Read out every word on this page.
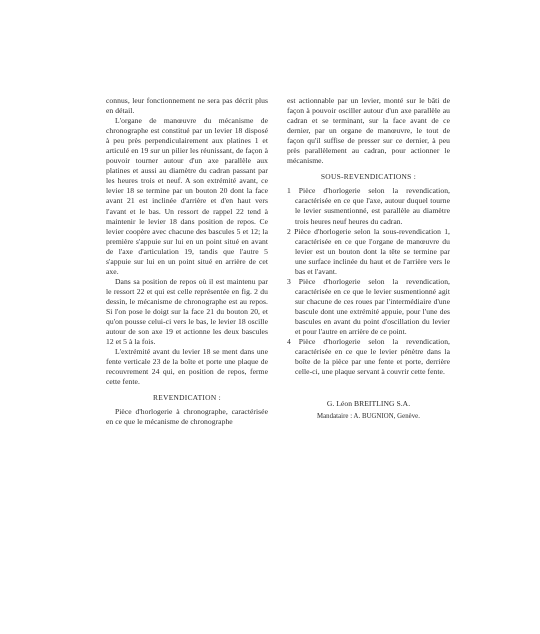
connus, leur fonctionnement ne sera pas décrit plus en détail.

L'organe de manœuvre du mécanisme de chronographe est constitué par un levier 18 disposé à peu près perpendiculairement aux platines 1 et articulé en 19 sur un pilier les réunissant, de façon à pouvoir tourner autour d'un axe parallèle aux platines et aussi au diamètre du cadran passant par les heures trois et neuf. A son extrémité avant, ce levier 18 se termine par un bouton 20 dont la face avant 21 est inclinée d'arrière et d'en haut vers l'avant et le bas. Un ressort de rappel 22 tend à maintenir le levier 18 dans position de repos. Ce levier coopère avec chacune des bascules 5 et 12; la première s'appuie sur lui en un point situé en avant de l'axe d'articulation 19, tandis que l'autre 5 s'appuie sur lui en un point situé en arrière de cet axe.

Dans sa position de repos où il est maintenu par le ressort 22 et qui est celle représentée en fig. 2 du dessin, le mécanisme de chronographe est au repos. Si l'on pose le doigt sur la face 21 du bouton 20, et qu'on pousse celui-ci vers le bas, le levier 18 oscille autour de son axe 19 et actionne les deux bascules 12 et 5 à la fois.

L'extrémité avant du levier 18 se ment dans une fente verticale 23 de la boîte et porte une plaque de recouvrement 24 qui, en position de repos, ferme cette fente.

REVENDICATION :

Pièce d'horlogerie à chronographe, caractérisée en ce que le mécanisme de chronographe

est actionnable par un levier, monté sur le bâti de façon à pouvoir osciller autour d'un axe parallèle au cadran et se terminant, sur la face avant de ce dernier, par un organe de manœuvre, le tout de façon qu'il suffise de presser sur ce dernier, à peu près parallèlement au cadran, pour actionner le mécanisme.

SOUS-REVENDICATIONS :

1 Pièce d'horlogerie selon la revendication, caractérisée en ce que l'axe, autour duquel tourne le levier susmentionné, est parallèle au diamètre trois heures neuf heures du cadran.

2 Pièce d'horlogerie selon la sous-revendication 1, caractérisée en ce que l'organe de manœuvre du levier est un bouton dont la tête se termine par une surface inclinée du haut et de l'arrière vers le bas et l'avant.

3 Pièce d'horlogerie selon la revendication, caractérisée en ce que le levier susmentionné agit sur chacune de ces roues par l'intermédiaire d'une bascule dont une extrémité appuie, pour l'une des bascules en avant du point d'oscillation du levier et pour l'autre en arrière de ce point.

4 Pièce d'horlogerie selon la revendication, caractérisée en ce que le levier pénètre dans la boîte de la pièce par une fente et porte, derrière celle-ci, une plaque servant à couvrir cette fente.

G. Léon BREITLING S.A.
Mandataire : A. BUGNION, Genève.
